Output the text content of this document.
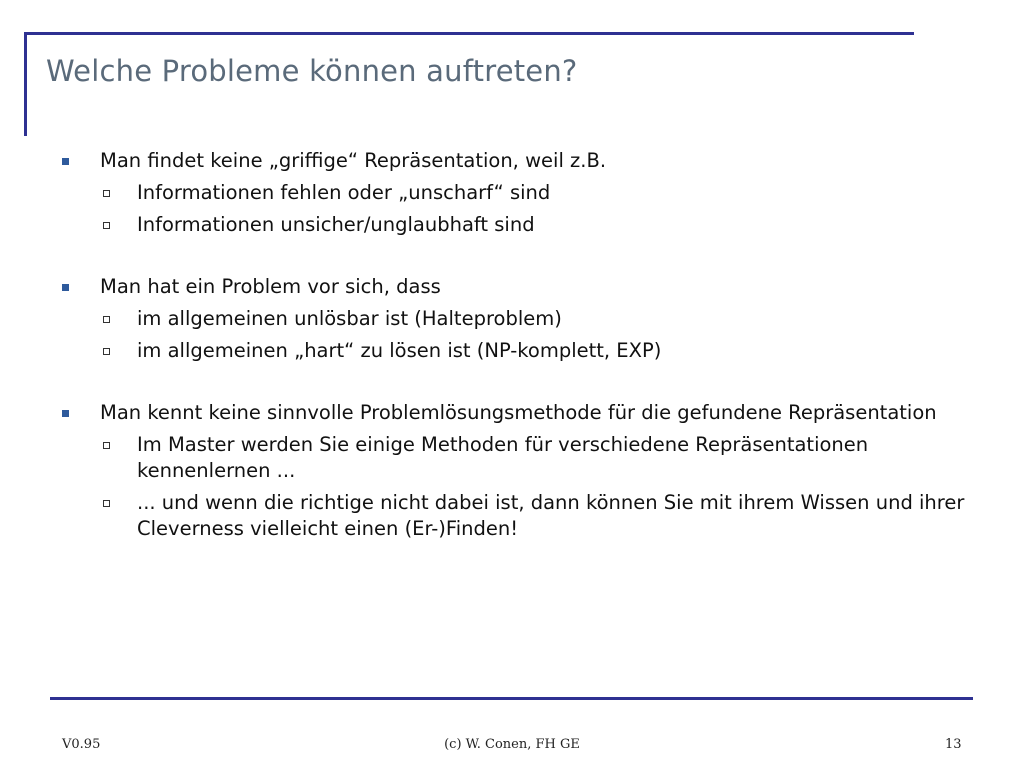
Welche Probleme können auftreten?
Man findet keine „griffige“ Repräsentation, weil z.B.
Informationen fehlen oder „unscharf“ sind
Informationen unsicher/unglaubhaft sind
Man hat ein Problem vor sich, dass
im allgemeinen unlösbar ist (Halteproblem)
im allgemeinen „hart“ zu lösen ist (NP-komplett, EXP)
Man kennt keine sinnvolle Problemlösungsmethode für die gefundene Repräsentation
Im Master werden Sie einige Methoden für verschiedene Repräsentationen kennenlernen ...
... und wenn die richtige nicht dabei ist, dann können Sie mit ihrem Wissen und ihrer Cleverness vielleicht einen (Er-)Finden!
V0.95	(c) W. Conen, FH GE	13
